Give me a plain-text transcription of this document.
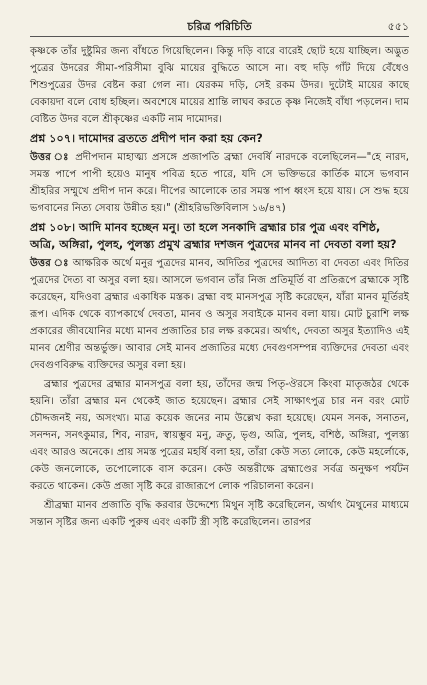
চরিত্র পরিচিতি	৫৫১

কৃষ্ণকে তাঁর দুষ্টুমির জন্য বাঁধতে গিয়েছিলেন। কিন্তু দড়ি বারে বারেই ছোট হয়ে যাচ্ছিল। অদ্ভুত পুত্রের উদরের সীমা-পরিসীমা বুঝি মায়ের বুদ্ধিতে আসে না। বহু দড়ি গাঁট দিয়ে বেঁধেও শিশুপুত্রের উদর বেষ্টন করা গেল না। যেরকম দড়ি, সেই রকম উদর। দুটোই মায়ের কাছে বেকায়দা বলে বোধ হচ্ছিল। অবশেষে মায়ের শ্রান্তি লাঘব করতে কৃষ্ণ নিজেই বাঁধা পড়লেন। দাম বেষ্টিত উদর বলে শ্রীকৃষ্ণের একটি নাম দামোদর।

প্রশ্ন ১০৭। দামোদর ব্রততে প্রদীপ দান করা হয় কেন?

উত্তর ঃ প্রদীপদান মাহাত্ম্য প্রসঙ্গে প্রজাপতি ব্রহ্মা দেবর্ষি নারদকে বলেছিলেন—"হে নারদ, সমস্ত পাপে পাপী হয়েও মানুষ পবিত্র হতে পারে, যদি সে ভক্তিভরে কার্তিক মাসে ভগবান শ্রীহরির সম্মুখে প্রদীপ দান করে। দীপের আলোকে তার সমস্ত পাপ ধ্বংস হয়ে যায়। সে শুদ্ধ হয়ে ভগবানের নিত্য সেবায় উন্নীত হয়।" (শ্রীহরিভক্তিবিলাস ১৬/৪৭)

প্রশ্ন ১০৮। আদি মানব হচ্ছেন মনু। তা হলে সনকাদি ব্রহ্মার চার পুত্র এবং বশিষ্ঠ, অত্রি, অঙ্গিরা, পুলহ, পুলস্ত্য প্রমুখ ব্রহ্মার দশজন পুত্রদের মানব না দেবতা বলা হয়?

উত্তর ঃ আক্ষরিক অর্থে মনুর পুত্রদের মানব, অদিতির পুত্রদের আদিত্য বা দেবতা এবং দিতির পুত্রদের দৈত্য বা অসুর বলা হয়। আসলে ভগবান তাঁর নিজ প্রতিমূর্তি বা প্রতিরূপে ব্রহ্মাকে সৃষ্টি করেছেন, যদিওবা ব্রহ্মার একাধিক মস্তক। ব্রহ্মা বহু মানসপুত্র সৃষ্টি করেছেন, যাঁরা মানব মূর্তিরই রূপ। এদিক থেকে ব্যাপকার্থে দেবতা, মানব ও অসুর সবাইকে মানব বলা যায়। মোট চুরাশি লক্ষ প্রকারের জীবযোনির মধ্যে মানব প্রজাতির চার লক্ষ রকমের। অর্থাৎ, দেবতা অসুর ইত্যাদিও এই মানব শ্রেণীর অন্তর্ভুক্ত। আবার সেই মানব প্রজাতির মধ্যে দেবগুণসম্পন্ন ব্যক্তিদের দেবতা এবং দেবগুণবিরুদ্ধ ব্যক্তিদের অসুর বলা হয়।

ব্রহ্মার পুত্রদের ব্রহ্মার মানসপুত্র বলা হয়, তাঁদের জন্ম পিতৃ-ঔরসে কিংবা মাতৃজঠর থেকে হয়নি। তাঁরা ব্রহ্মার মন থেকেই জাত হয়েছেন। ব্রহ্মার সেই সাক্ষাৎপুত্র চার নন বরং মোট চৌদ্দজনই নয়, অসংখ্য। মাত্র কয়েক জনের নাম উল্লেখ করা হয়েছে। যেমন সনক, সনাতন, সনন্দন, সনৎকুমার, শিব, নারদ, স্বায়ম্ভুব মনু, ক্রতু, ভৃগু, অত্রি, পুলহ, বশিষ্ঠ, অঙ্গিরা, পুলস্ত্য এবং আরও অনেকে। প্রায় সমস্ত পুত্রের মহর্ষি বলা হয়, তাঁরা কেউ সত্য লোকে, কেউ মহর্লোকে, কেউ জনলোকে, তপোলোকে বাস করেন। কেউ অন্তরীক্ষে ব্রহ্মাণ্ডের সর্বত্র অনুক্ষণ পর্যটন করতে থাকেন। কেউ প্রজা সৃষ্টি করে রাজারূপে লোক পরিচালনা করেন।

শ্রীব্রহ্মা মানব প্রজাতি বৃদ্ধি করবার উদ্দেশ্যে মিথুন সৃষ্টি করেছিলেন, অর্থাৎ মৈথুনের মাধ্যমে সন্তান সৃষ্টির জন্য একটি পুরুষ এবং একটি স্ত্রী সৃষ্টি করেছিলেন। তারপর
